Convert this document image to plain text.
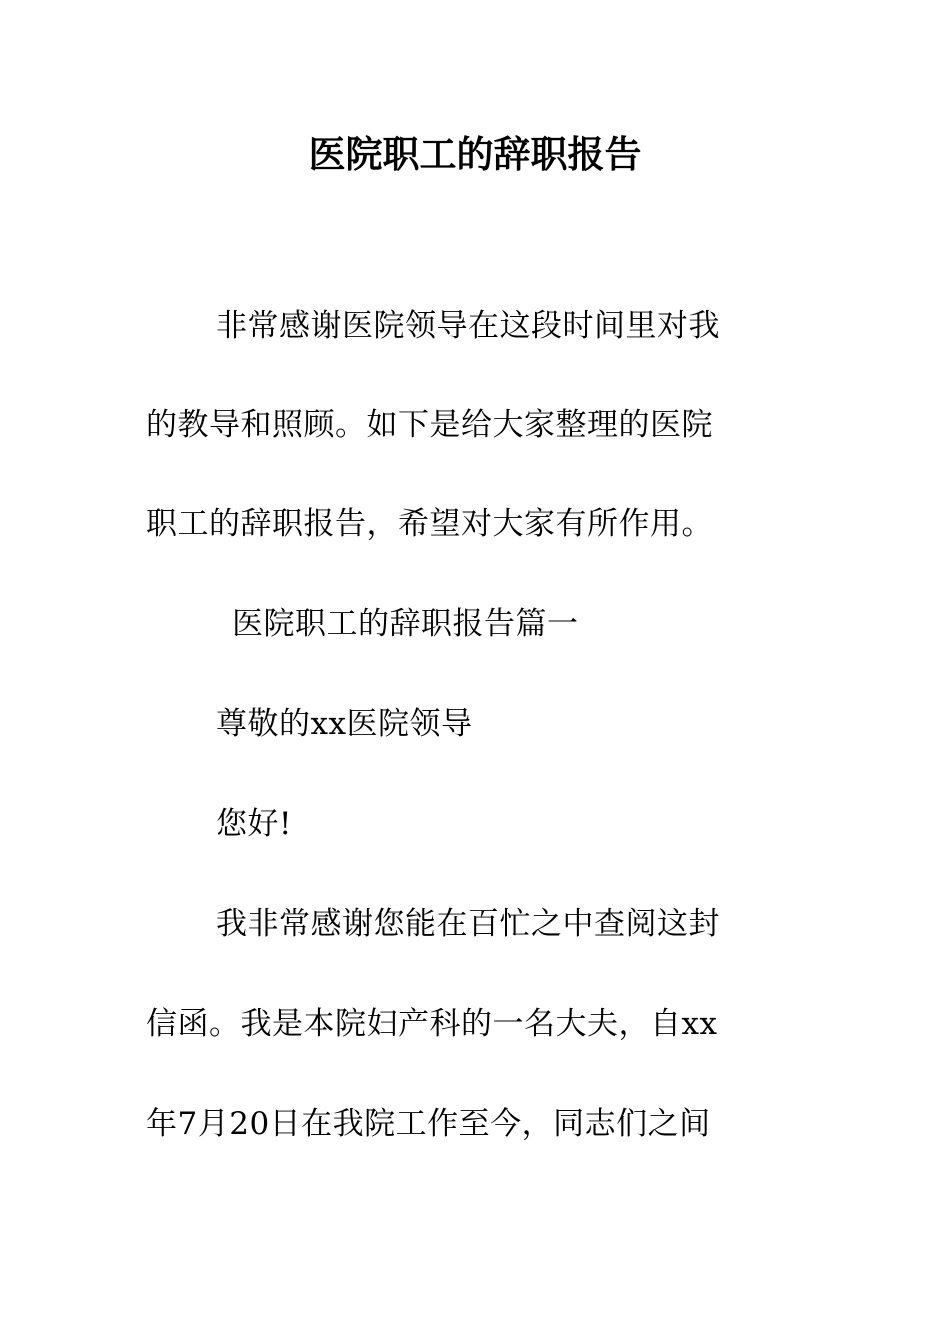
医院职工的辞职报告
非常感谢医院领导在这段时间里对我
的教导和照顾。如下是给大家整理的医院
职工的辞职报告，希望对大家有所作用。
医院职工的辞职报告篇一
尊敬的xx医院领导
您好!
我非常感谢您能在百忙之中查阅这封
信函。我是本院妇产科的一名大夫，自xx
年7月20日在我院工作至今，同志们之间
